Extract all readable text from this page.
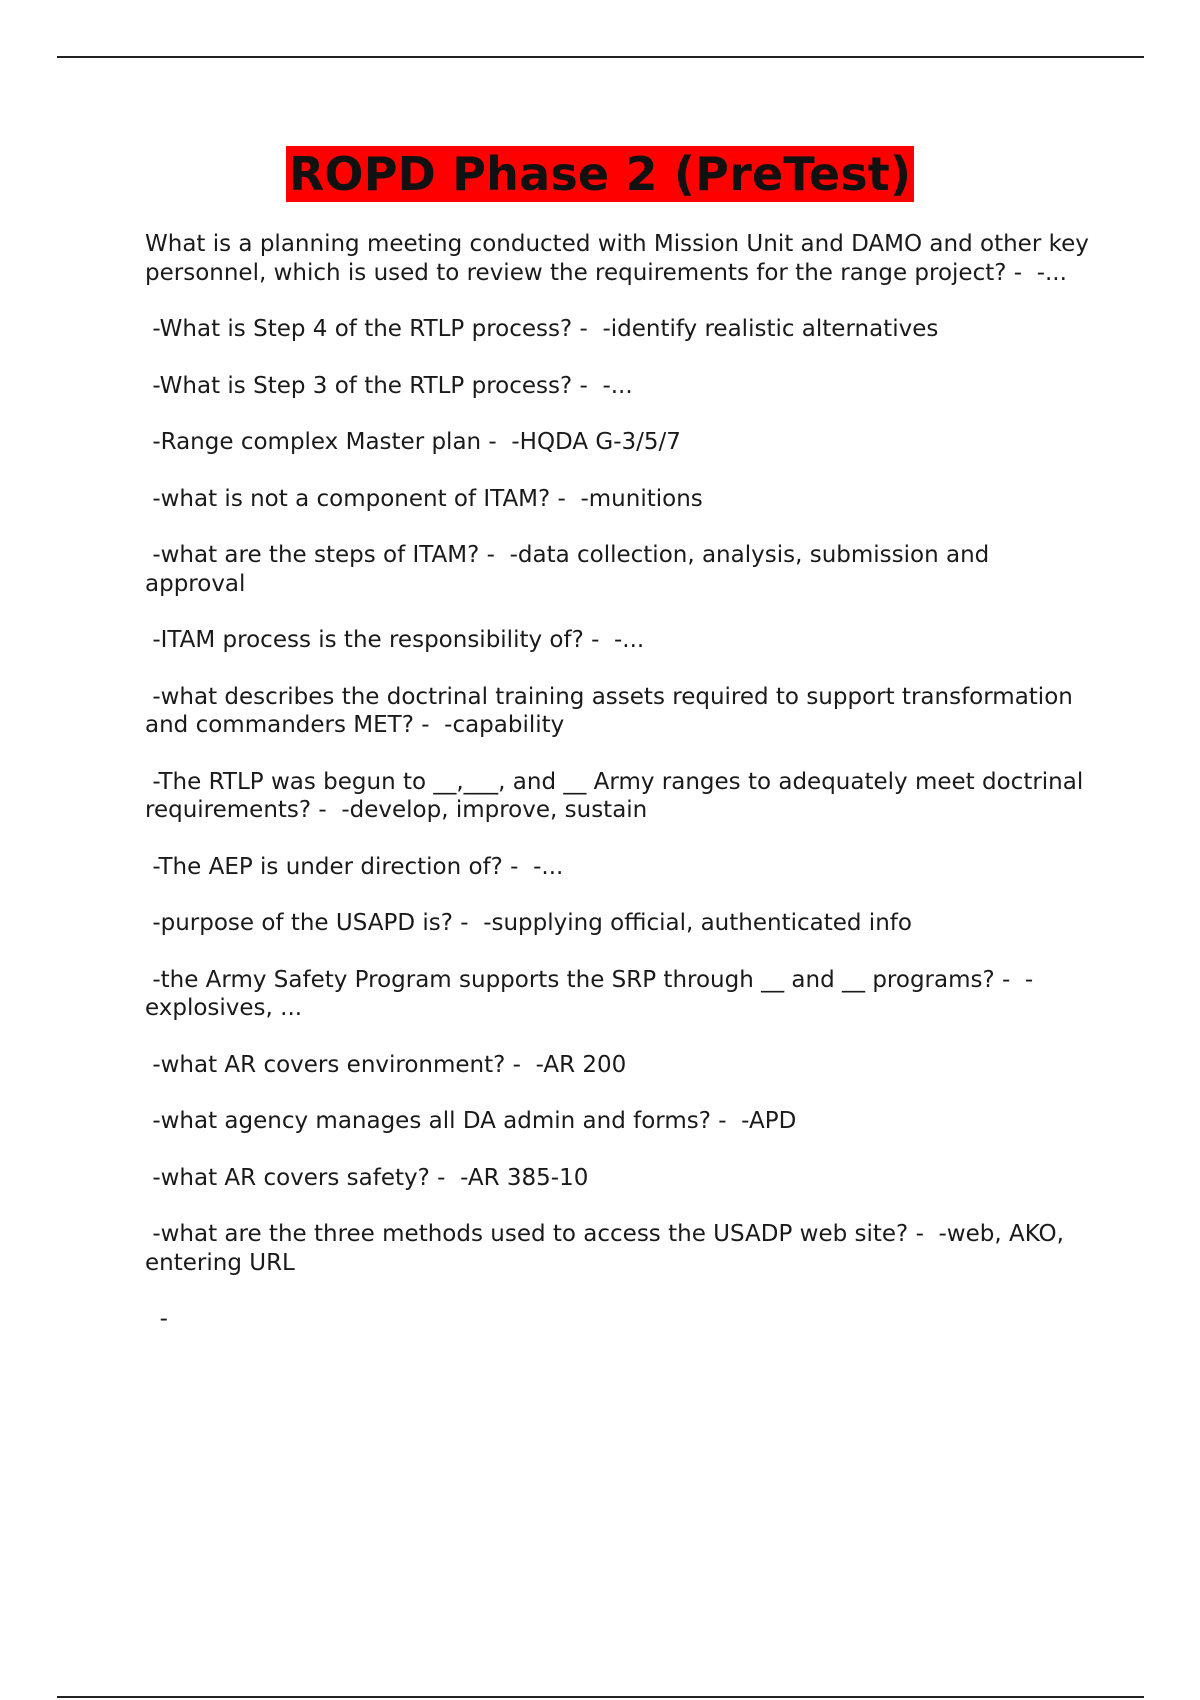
ROPD Phase 2 (PreTest)

What is a planning meeting conducted with Mission Unit and DAMO and other key personnel, which is used to review the requirements for the range project? -  -...

-What is Step 4 of the RTLP process? -  -identify realistic alternatives

-What is Step 3 of the RTLP process? -  -...

-Range complex Master plan -  -HQDA G-3/5/7

-what is not a component of ITAM? -  -munitions

-what are the steps of ITAM? -  -data collection, analysis, submission and approval

-ITAM process is the responsibility of? -  -...

-what describes the doctrinal training assets required to support transformation and commanders MET? -  -capability

-The RTLP was begun to __,___, and __ Army ranges to adequately meet doctrinal requirements? -  -develop, improve, sustain

-The AEP is under direction of? -  -...

-purpose of the USAPD is? -  -supplying official, authenticated info

-the Army Safety Program supports the SRP through __ and __ programs? -  -explosives, ...

-what AR covers environment? -  -AR 200

-what agency manages all DA admin and forms? -  -APD

-what AR covers safety? -  -AR 385-10

-what are the three methods used to access the USADP web site? -  -web, AKO, entering URL

-
